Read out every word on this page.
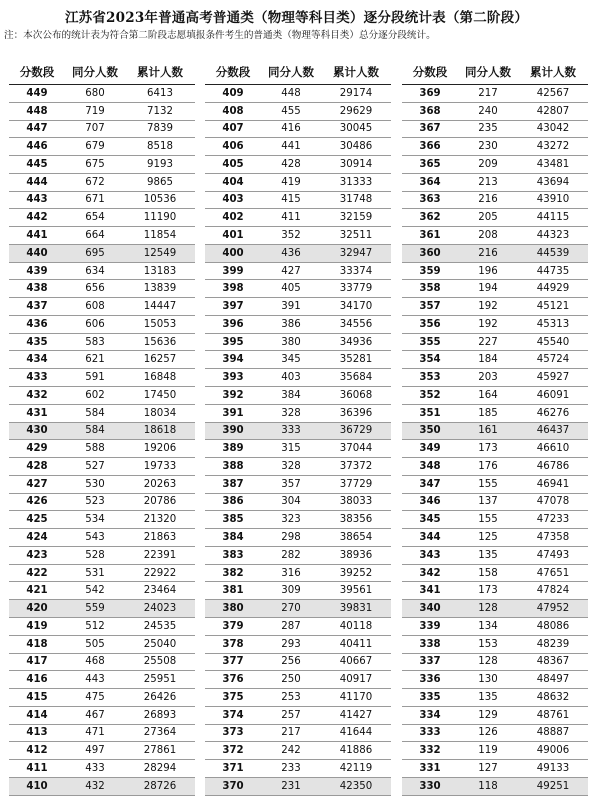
江苏省2023年普通高考普通类（物理等科目类）逐分段统计表（第二阶段）
注：本次公布的统计表为符合第二阶段志愿填报条件考生的普通类（物理等科目类）总分逐分段统计。
分数段	同分人数	累计人数
449	680	6413
448	719	7132
447	707	7839
446	679	8518
445	675	9193
444	672	9865
443	671	10536
442	654	11190
441	664	11854
440	695	12549
439	634	13183
438	656	13839
437	608	14447
436	606	15053
435	583	15636
434	621	16257
433	591	16848
432	602	17450
431	584	18034
430	584	18618
429	588	19206
428	527	19733
427	530	20263
426	523	20786
425	534	21320
424	543	21863
423	528	22391
422	531	22922
421	542	23464
420	559	24023
419	512	24535
418	505	25040
417	468	25508
416	443	25951
415	475	26426
414	467	26893
413	471	27364
412	497	27861
411	433	28294
410	432	28726
分数段	同分人数	累计人数
409	448	29174
408	455	29629
407	416	30045
406	441	30486
405	428	30914
404	419	31333
403	415	31748
402	411	32159
401	352	32511
400	436	32947
399	427	33374
398	405	33779
397	391	34170
396	386	34556
395	380	34936
394	345	35281
393	403	35684
392	384	36068
391	328	36396
390	333	36729
389	315	37044
388	328	37372
387	357	37729
386	304	38033
385	323	38356
384	298	38654
383	282	38936
382	316	39252
381	309	39561
380	270	39831
379	287	40118
378	293	40411
377	256	40667
376	250	40917
375	253	41170
374	257	41427
373	217	41644
372	242	41886
371	233	42119
370	231	42350
分数段	同分人数	累计人数
369	217	42567
368	240	42807
367	235	43042
366	230	43272
365	209	43481
364	213	43694
363	216	43910
362	205	44115
361	208	44323
360	216	44539
359	196	44735
358	194	44929
357	192	45121
356	192	45313
355	227	45540
354	184	45724
353	203	45927
352	164	46091
351	185	46276
350	161	46437
349	173	46610
348	176	46786
347	155	46941
346	137	47078
345	155	47233
344	125	47358
343	135	47493
342	158	47651
341	173	47824
340	128	47952
339	134	48086
338	153	48239
337	128	48367
336	130	48497
335	135	48632
334	129	48761
333	126	48887
332	119	49006
331	127	49133
330	118	49251
